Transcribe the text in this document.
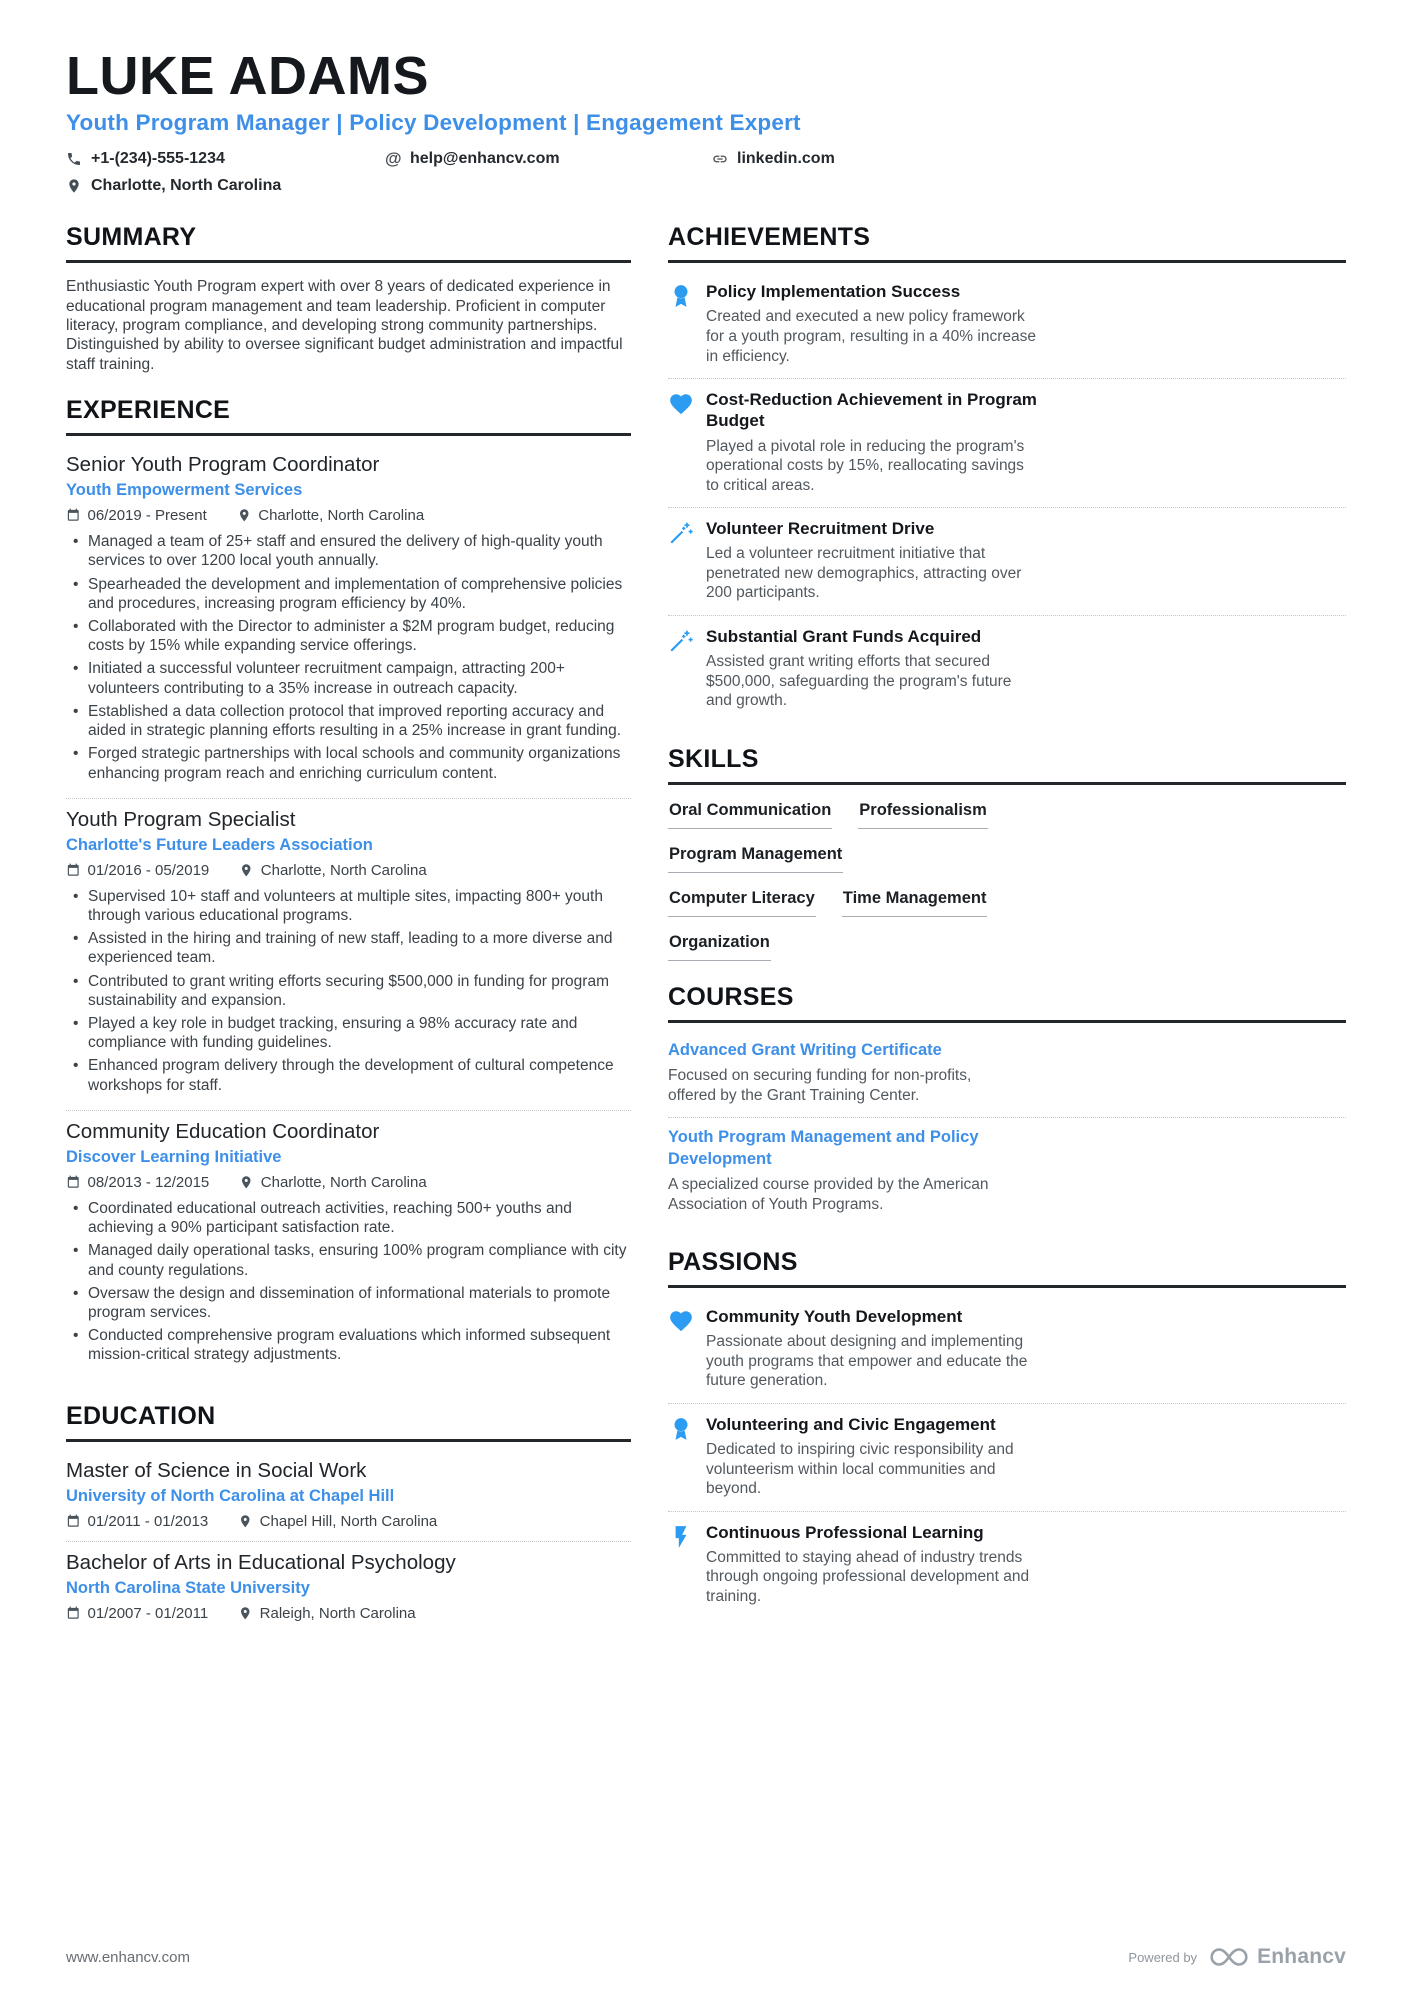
LUKE ADAMS
Youth Program Manager | Policy Development | Engagement Expert
+1-(234)-555-1234	@ help@enhancv.com	linkedin.com
Charlotte, North Carolina
SUMMARY

Enthusiastic Youth Program expert with over 8 years of dedicated experience in educational program management and team leadership. Proficient in computer literacy, program compliance, and developing strong community partnerships. Distinguished by ability to oversee significant budget administration and impactful staff training.

EXPERIENCE
Senior Youth Program Coordinator
Youth Empowerment Services
06/2019 - Present	Charlotte, North Carolina
• Managed a team of 25+ staff and ensured the delivery of high-quality youth services to over 1200 local youth annually.
• Spearheaded the development and implementation of comprehensive policies and procedures, increasing program efficiency by 40%.
• Collaborated with the Director to administer a $2M program budget, reducing costs by 15% while expanding service offerings.
• Initiated a successful volunteer recruitment campaign, attracting 200+ volunteers contributing to a 35% increase in outreach capacity.
• Established a data collection protocol that improved reporting accuracy and aided in strategic planning efforts resulting in a 25% increase in grant funding.
• Forged strategic partnerships with local schools and community organizations enhancing program reach and enriching curriculum content.
Youth Program Specialist
Charlotte's Future Leaders Association
01/2016 - 05/2019	Charlotte, North Carolina
• Supervised 10+ staff and volunteers at multiple sites, impacting 800+ youth through various educational programs.
• Assisted in the hiring and training of new staff, leading to a more diverse and experienced team.
• Contributed to grant writing efforts securing $500,000 in funding for program sustainability and expansion.
• Played a key role in budget tracking, ensuring a 98% accuracy rate and compliance with funding guidelines.
• Enhanced program delivery through the development of cultural competence workshops for staff.
Community Education Coordinator
Discover Learning Initiative
08/2013 - 12/2015	Charlotte, North Carolina
• Coordinated educational outreach activities, reaching 500+ youths and achieving a 90% participant satisfaction rate.
• Managed daily operational tasks, ensuring 100% program compliance with city and county regulations.
• Oversaw the design and dissemination of informational materials to promote program services.
• Conducted comprehensive program evaluations which informed subsequent mission-critical strategy adjustments.
EDUCATION
Master of Science in Social Work
University of North Carolina at Chapel Hill
01/2011 - 01/2013	Chapel Hill, North Carolina
Bachelor of Arts in Educational Psychology
North Carolina State University
01/2007 - 01/2011	Raleigh, North Carolina
ACHIEVEMENTS
Policy Implementation Success
Created and executed a new policy framework for a youth program, resulting in a 40% increase in efficiency.
Cost-Reduction Achievement in Program Budget
Played a pivotal role in reducing the program's operational costs by 15%, reallocating savings to critical areas.
Volunteer Recruitment Drive
Led a volunteer recruitment initiative that penetrated new demographics, attracting over 200 participants.
Substantial Grant Funds Acquired
Assisted grant writing efforts that secured $500,000, safeguarding the program's future and growth.
SKILLS
Oral Communication Professionalism
Program Management
Computer Literacy Time Management
Organization
COURSES
Advanced Grant Writing Certificate
Focused on securing funding for non-profits, offered by the Grant Training Center.
Youth Program Management and Policy Development
A specialized course provided by the American Association of Youth Programs.
PASSIONS
Community Youth Development
Passionate about designing and implementing youth programs that empower and educate the future generation.
Volunteering and Civic Engagement
Dedicated to inspiring civic responsibility and volunteerism within local communities and beyond.
Continuous Professional Learning
Committed to staying ahead of industry trends through ongoing professional development and training.
www.enhancv.com	Powered by	Enhancv
